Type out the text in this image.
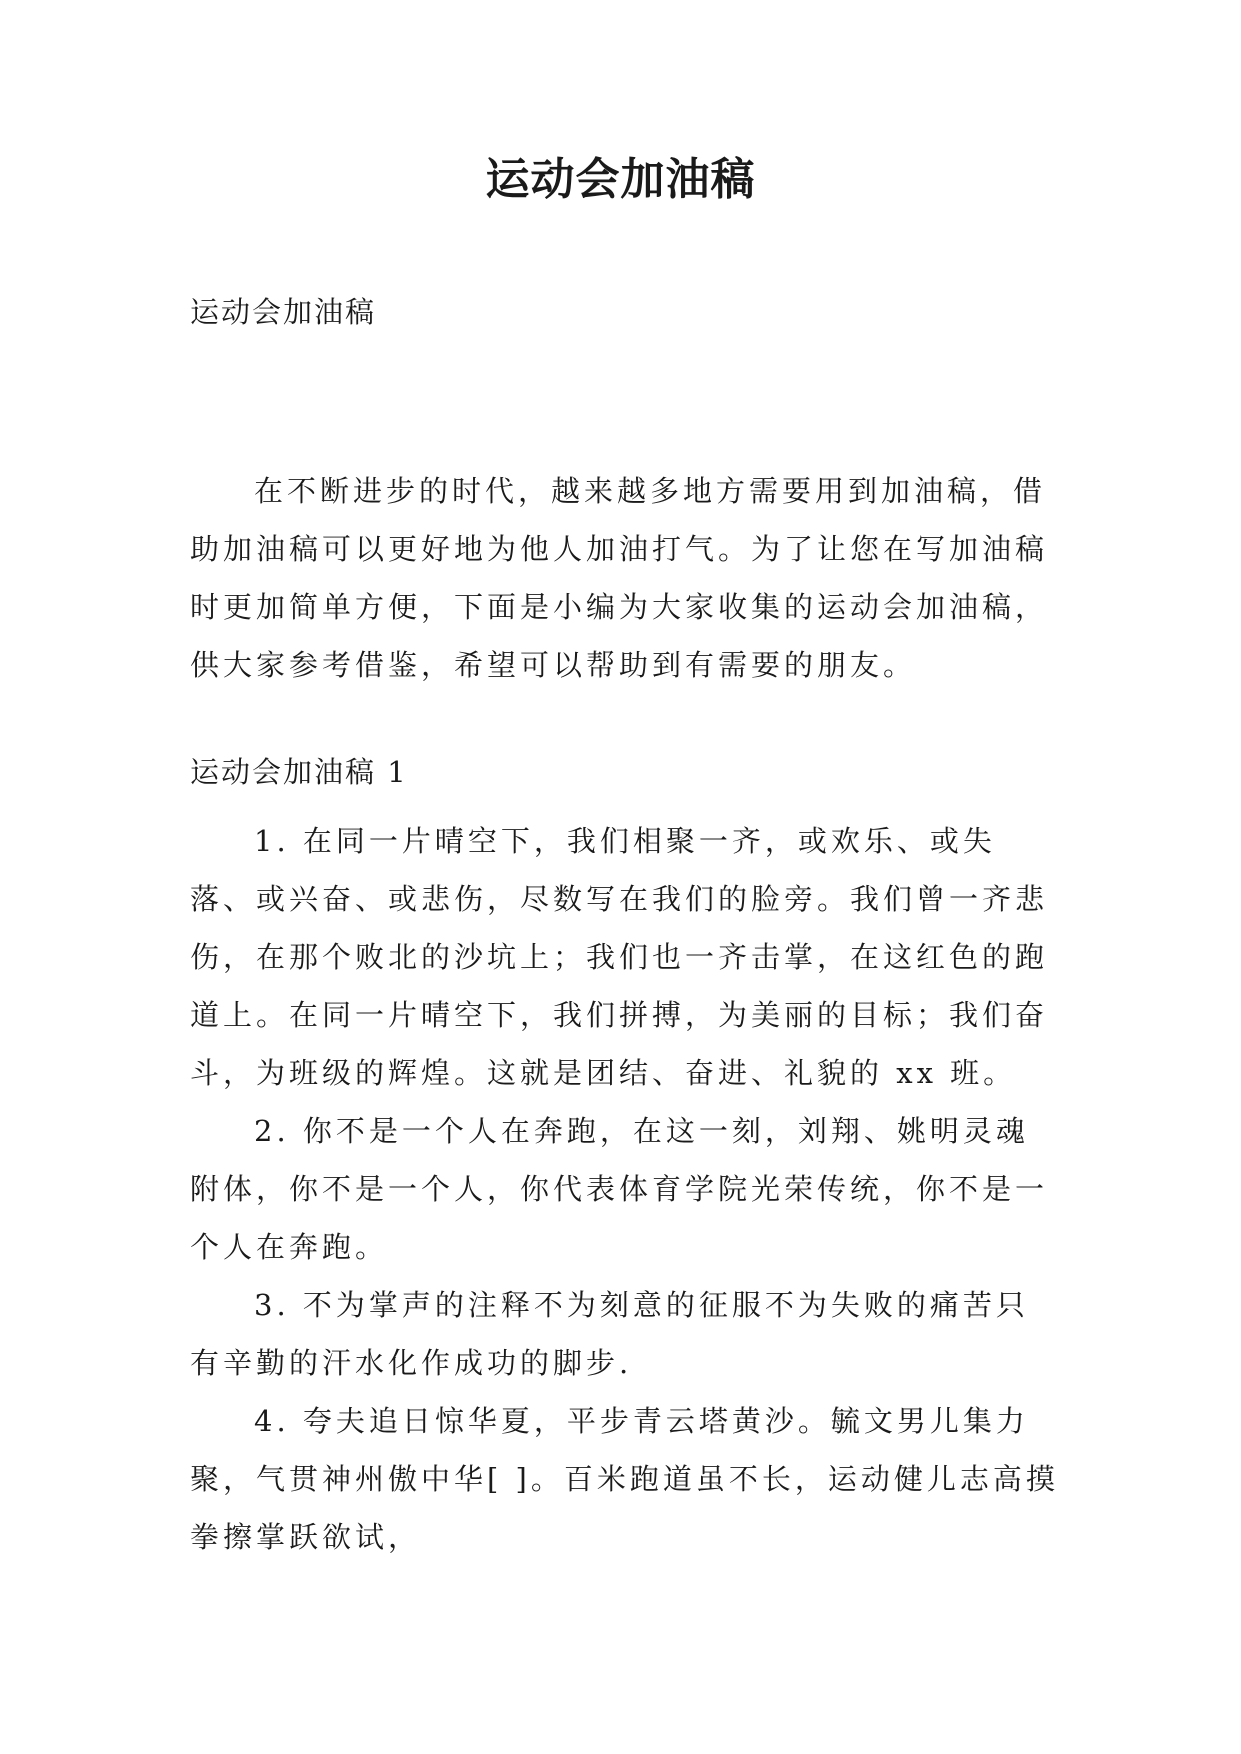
运动会加油稿
运动会加油稿

在不断进步的时代，越来越多地方需要用到加油稿，借助加油稿可以更好地为他人加油打气。为了让您在写加油稿时更加简单方便，下面是小编为大家收集的运动会加油稿，供大家参考借鉴，希望可以帮助到有需要的朋友。

运动会加油稿 1

1. 在同一片晴空下，我们相聚一齐，或欢乐、或失落、或兴奋、或悲伤，尽数写在我们的脸旁。我们曾一齐悲伤，在那个败北的沙坑上；我们也一齐击掌，在这红色的跑道上。在同一片晴空下，我们拼搏，为美丽的目标；我们奋斗，为班级的辉煌。这就是团结、奋进、礼貌的 xx 班。

2. 你不是一个人在奔跑，在这一刻，刘翔、姚明灵魂附体，你不是一个人，你代表体育学院光荣传统，你不是一个人在奔跑。

3. 不为掌声的注释不为刻意的征服不为失败的痛苦只有辛勤的汗水化作成功的脚步.

4. 夸夫追日惊华夏，平步青云塔黄沙。毓文男儿集力聚，气贯神州傲中华[ ]。百米跑道虽不长，运动健儿志高摸拳擦掌跃欲试，
